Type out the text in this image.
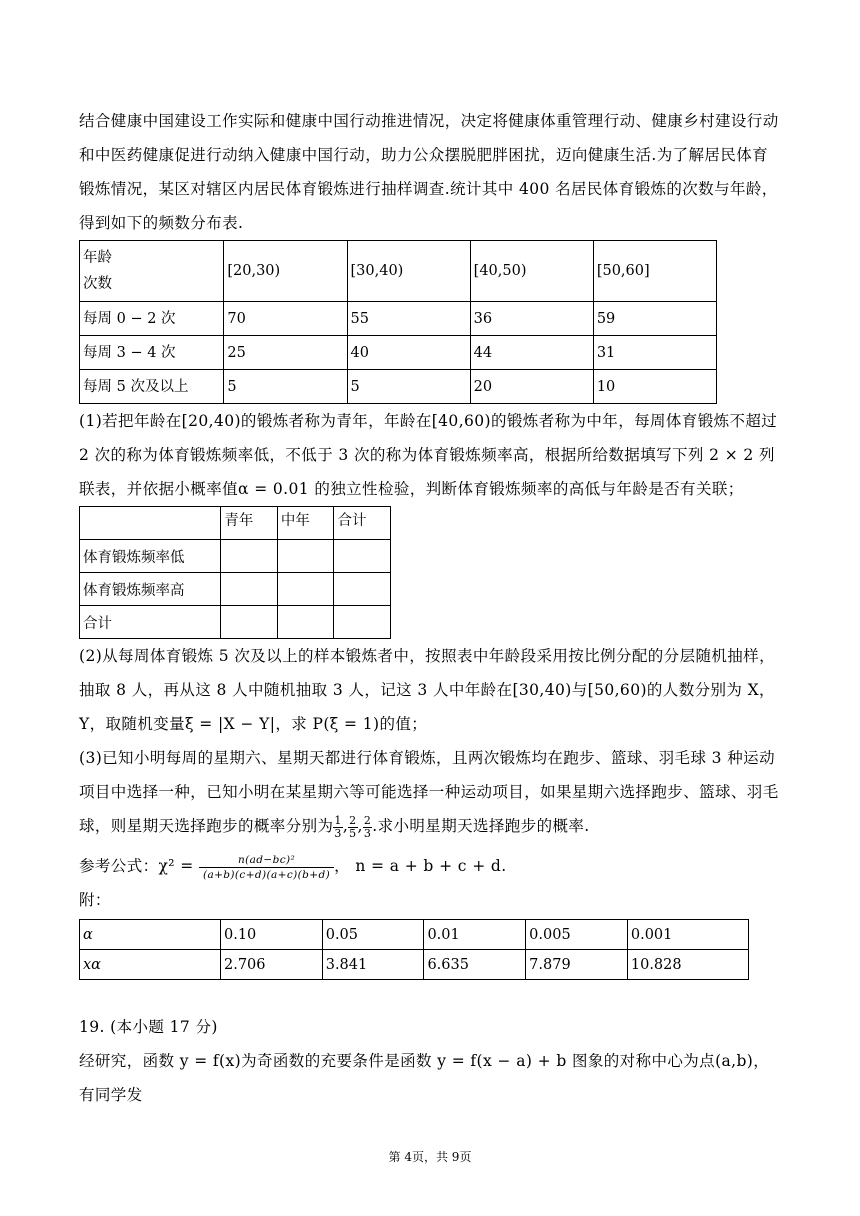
结合健康中国建设工作实际和健康中国行动推进情况，决定将健康体重管理行动、健康乡村建设行动和中医药健康促进行动纳入健康中国行动，助力公众摆脱肥胖困扰，迈向健康生活.为了解居民体育锻炼情况，某区对辖区内居民体育锻炼进行抽样调查.统计其中 400 名居民体育锻炼的次数与年龄，得到如下的频数分布表.

年龄
次数	[20,30)	[30,40)	[40,50)	[50,60]
每周 0 − 2 次	70	55	36	59
每周 3 − 4 次	25	40	44	31
每周 5 次及以上	5	5	20	10

(1)若把年龄在[20,40)的锻炼者称为青年，年龄在[40,60)的锻炼者称为中年，每周体育锻炼不超过 2 次的称为体育锻炼频率低，不低于 3 次的称为体育锻炼频率高，根据所给数据填写下列 2 × 2 列联表，并依据小概率值α = 0.01 的独立性检验，判断体育锻炼频率的高低与年龄是否有关联；

	青年	中年	合计
体育锻炼频率低			
体育锻炼频率高			
合计			

(2)从每周体育锻炼 5 次及以上的样本锻炼者中，按照表中年龄段采用按比例分配的分层随机抽样，抽取 8 人，再从这 8 人中随机抽取 3 人，记这 3 人中年龄在[30,40)与[50,60)的人数分别为 X，Y，取随机变量ξ = |X − Y|，求 P(ξ = 1)的值；

(3)已知小明每周的星期六、星期天都进行体育锻炼，且两次锻炼均在跑步、篮球、羽毛球 3 种运动项目中选择一种，已知小明在某星期六等可能选择一种运动项目，如果星期六选择跑步、篮球、羽毛球，则星期天选择跑步的概率分别为 $\frac{1}{3}$ , $\frac{2}{5}$ , $\frac{2}{3}$ .求小明星期天选择跑步的概率.

参考公式：$\chi^2 = \frac{\text{n(ad−bc)²}}{(a+b)(c+d)(a+c)(b+d)}$ ， n = a + b + c + d.

附：

α	0.10	0.05	0.01	0.005	0.001
xα	2.706	3.841	6.635	7.879	10.828

19. (本小题 17 分)

经研究，函数 y = f(x)为奇函数的充要条件是函数 y = f(x − a) + b 图象的对称中心为点(a,b)，有同学发

第 4页，共 9页
